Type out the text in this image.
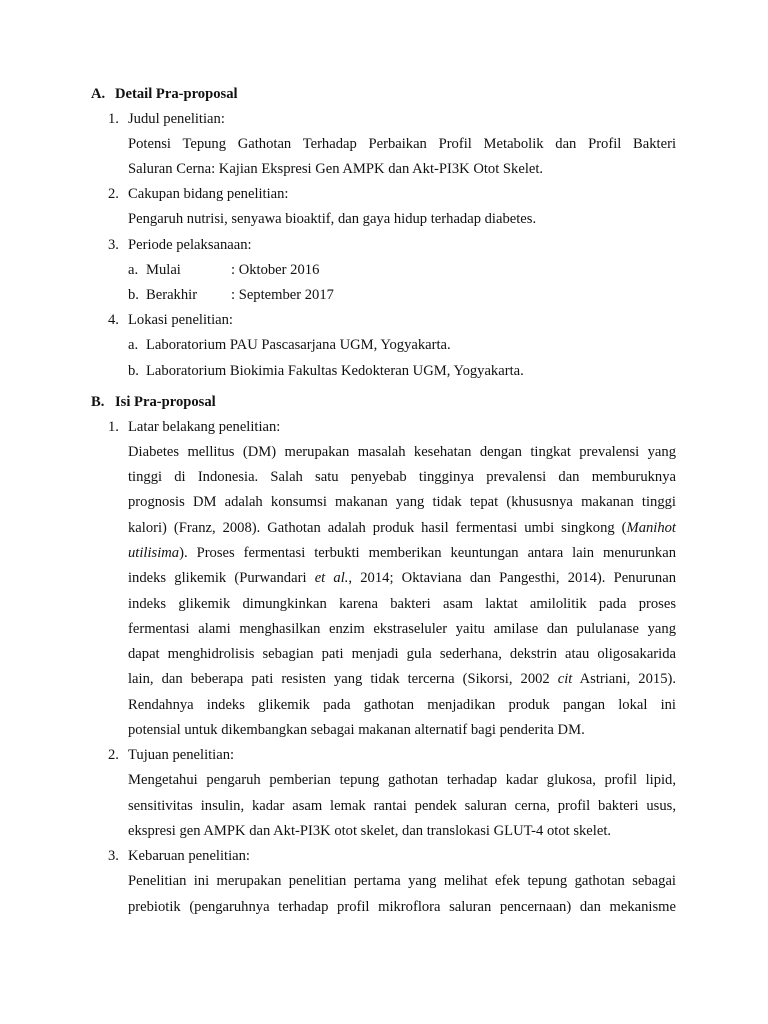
A. Detail Pra-proposal
1. Judul penelitian:
Potensi Tepung Gathotan Terhadap Perbaikan Profil Metabolik dan Profil Bakteri
Saluran Cerna: Kajian Ekspresi Gen AMPK dan Akt-PI3K Otot Skelet.
2. Cakupan bidang penelitian:
Pengaruh nutrisi, senyawa bioaktif, dan gaya hidup terhadap diabetes.
3. Periode pelaksanaan:
a. Mulai	: Oktober 2016
b. Berakhir : September 2017
4. Lokasi penelitian:
a. Laboratorium PAU Pascasarjana UGM, Yogyakarta.
b. Laboratorium Biokimia Fakultas Kedokteran UGM, Yogyakarta.
B. Isi Pra-proposal
1. Latar belakang penelitian:
Diabetes mellitus (DM) merupakan masalah kesehatan dengan tingkat prevalensi yang
tinggi di Indonesia. Salah satu penyebab tingginya prevalensi dan memburuknya
prognosis DM adalah konsumsi makanan yang tidak tepat (khususnya makanan tinggi
kalori) (Franz, 2008). Gathotan adalah produk hasil fermentasi umbi singkong (Manihot
utilisima). Proses fermentasi terbukti memberikan keuntungan antara lain menurunkan
indeks glikemik (Purwandari et al., 2014; Oktaviana dan Pangesthi, 2014). Penurunan
indeks glikemik dimungkinkan karena bakteri asam laktat amilolitik pada proses
fermentasi alami menghasilkan enzim ekstraseluler yaitu amilase dan pululanase yang
dapat menghidrolisis sebagian pati menjadi gula sederhana, dekstrin atau oligosakarida
lain, dan beberapa pati resisten yang tidak tercerna (Sikorsi, 2002 cit Astriani, 2015).
Rendahnya indeks glikemik pada gathotan menjadikan produk pangan lokal ini
potensial untuk dikembangkan sebagai makanan alternatif bagi penderita DM.
2. Tujuan penelitian:
Mengetahui pengaruh pemberian tepung gathotan terhadap kadar glukosa, profil lipid,
sensitivitas insulin, kadar asam lemak rantai pendek saluran cerna, profil bakteri usus,
ekspresi gen AMPK dan Akt-PI3K otot skelet, dan translokasi GLUT-4 otot skelet.
3. Kebaruan penelitian:
Penelitian ini merupakan penelitian pertama yang melihat efek tepung gathotan sebagai
prebiotik (pengaruhnya terhadap profil mikroflora saluran pencernaan) dan mekanisme
